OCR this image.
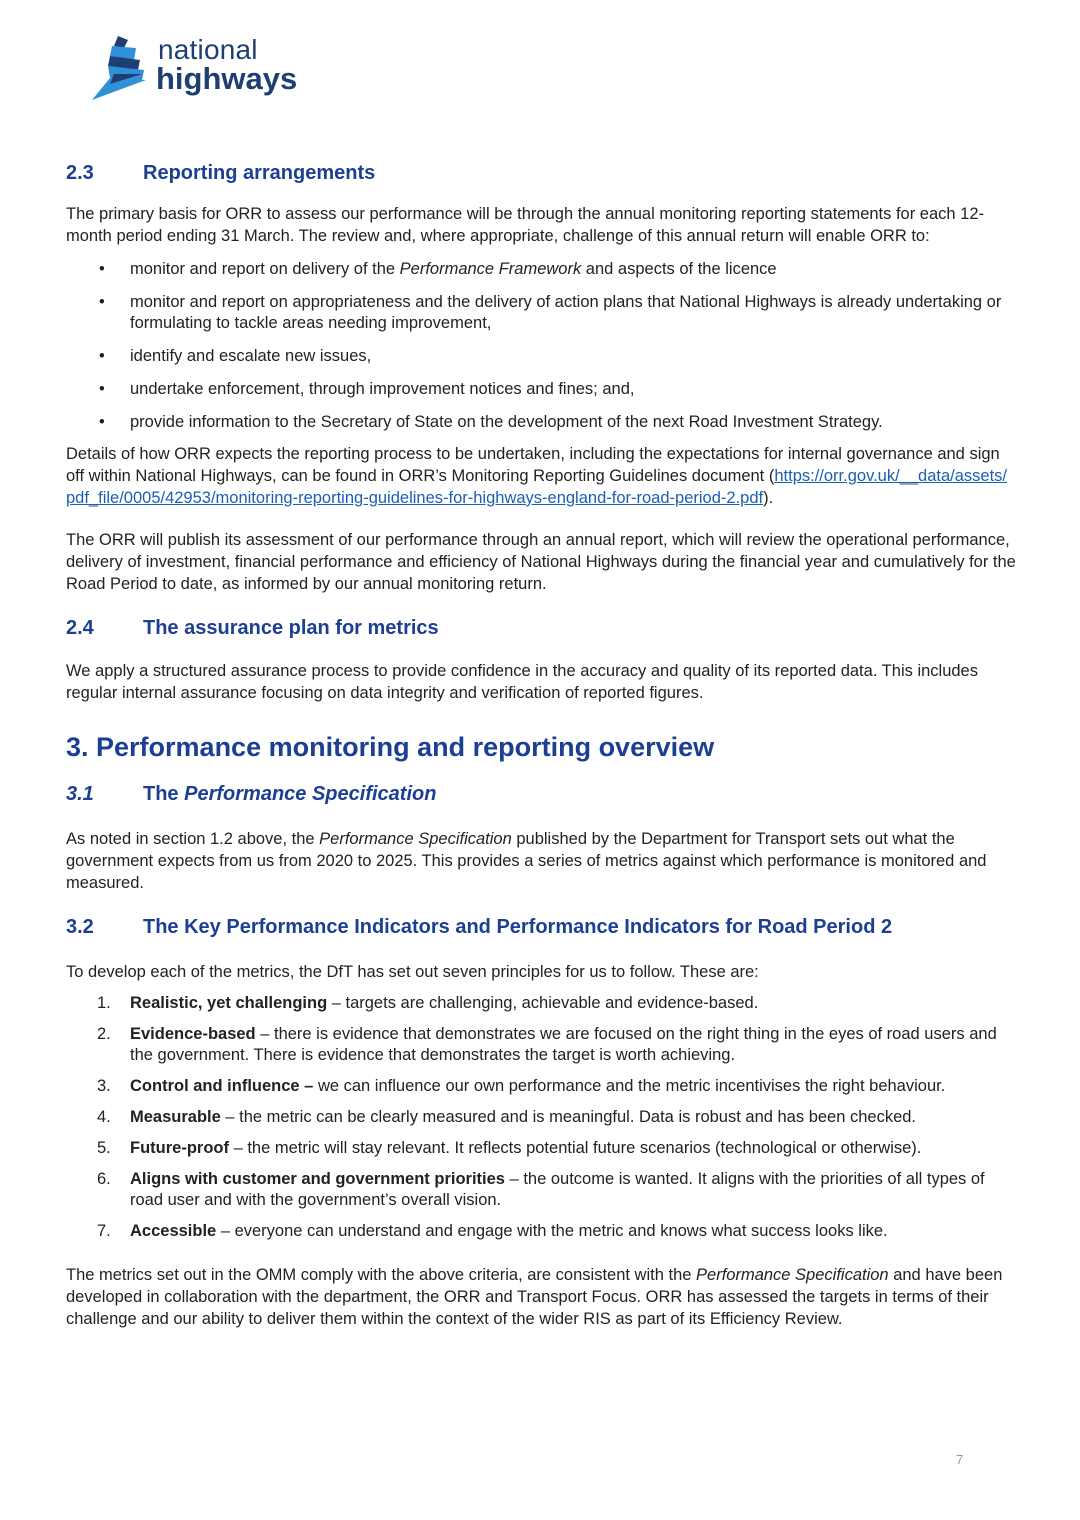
national
highways
2.3	Reporting arrangements

The primary basis for ORR to assess our performance will be through the annual monitoring reporting statements for each 12-month period ending 31 March. The review and, where appropriate, challenge of this annual return will enable ORR to:

• monitor and report on delivery of the Performance Framework and aspects of the licence
• monitor and report on appropriateness and the delivery of action plans that National Highways is already undertaking or formulating to tackle areas needing improvement,
• identify and escalate new issues,
• undertake enforcement, through improvement notices and fines; and,
• provide information to the Secretary of State on the development of the next Road Investment Strategy.

Details of how ORR expects the reporting process to be undertaken, including the expectations for internal governance and sign off within National Highways, can be found in ORR’s Monitoring Reporting Guidelines document (https://orr.gov.uk/__data/assets/pdf_file/0005/42953/monitoring-reporting-guidelines-for-highways-england-for-road-period-2.pdf).

The ORR will publish its assessment of our performance through an annual report, which will review the operational performance, delivery of investment, financial performance and efficiency of National Highways during the financial year and cumulatively for the Road Period to date, as informed by our annual monitoring return.

2.4	The assurance plan for metrics

We apply a structured assurance process to provide confidence in the accuracy and quality of its reported data. This includes regular internal assurance focusing on data integrity and verification of reported figures.

3. Performance monitoring and reporting overview
3.1	The Performance Specification

As noted in section 1.2 above, the Performance Specification published by the Department for Transport sets out what the government expects from us from 2020 to 2025. This provides a series of metrics against which performance is monitored and measured.

3.2	The Key Performance Indicators and Performance Indicators for Road Period 2

To develop each of the metrics, the DfT has set out seven principles for us to follow. These are:

1. Realistic, yet challenging – targets are challenging, achievable and evidence-based.
2. Evidence-based – there is evidence that demonstrates we are focused on the right thing in the eyes of road users and the government. There is evidence that demonstrates the target is worth achieving.
3. Control and influence – we can influence our own performance and the metric incentivises the right behaviour.
4. Measurable – the metric can be clearly measured and is meaningful. Data is robust and has been checked.
5. Future-proof – the metric will stay relevant. It reflects potential future scenarios (technological or otherwise).
6. Aligns with customer and government priorities – the outcome is wanted. It aligns with the priorities of all types of road user and with the government’s overall vision.
7. Accessible – everyone can understand and engage with the metric and knows what success looks like.

The metrics set out in the OMM comply with the above criteria, are consistent with the Performance Specification and have been developed in collaboration with the department, the ORR and Transport Focus. ORR has assessed the targets in terms of their challenge and our ability to deliver them within the context of the wider RIS as part of its Efficiency Review.

7
